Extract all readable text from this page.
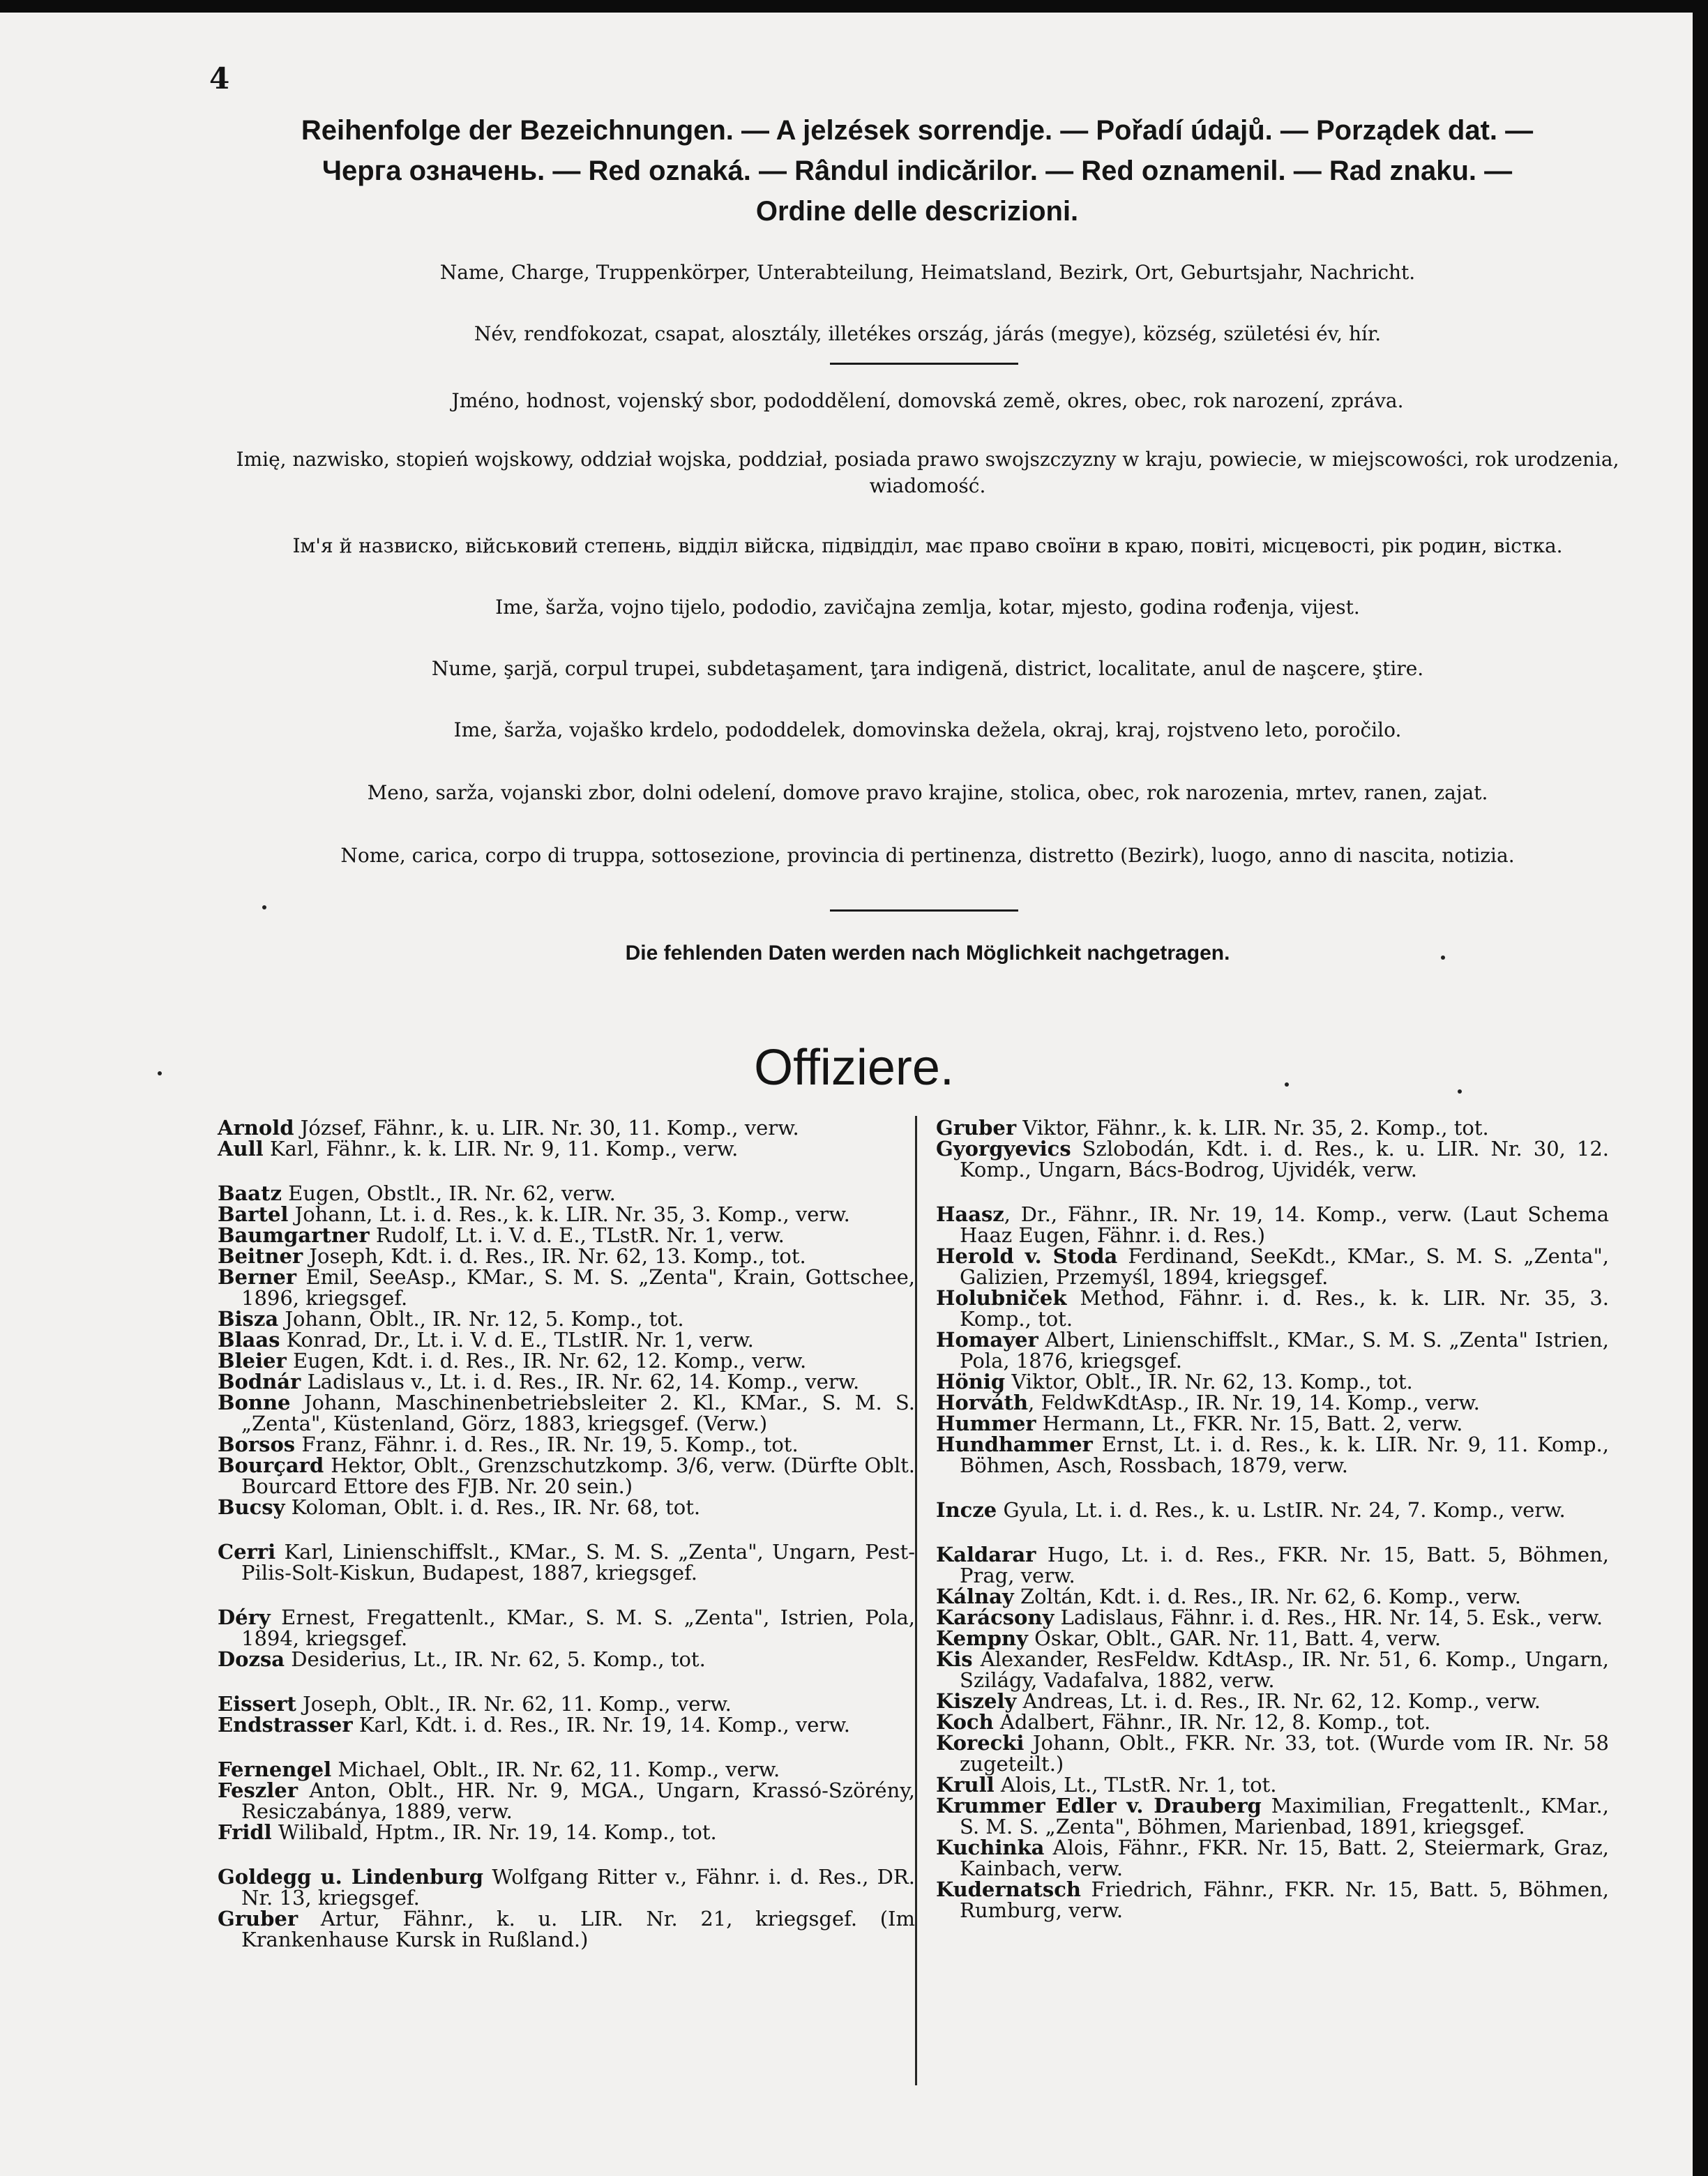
4
Reihenfolge der Bezeichnungen. — A jelzések sorrendje. — Pořadí údajů. — Porządek dat. —
Черга означень. — Red oznaká. — Rândul indicărilor. — Red oznamenil. — Rad znaku. —
Ordine delle descrizioni.
Name, Charge, Truppenkörper, Unterabteilung, Heimatsland, Bezirk, Ort, Geburtsjahr, Nachricht.
Név, rendfokozat, csapat, alosztály, illetékes ország, járás (megye), község, születési év, hír.
Jméno, hodnost, vojenský sbor, pododdělení, domovská země, okres, obec, rok narození, zpráva.
Imię, nazwisko, stopień wojskowy, oddział wojska, poddział, posiada prawo swojszczyzny w kraju, powiecie, w miejscowości, rok urodzenia, wiadomość.
Ім'я й назвиско, військовий степень, відділ війска, підвідділ, має право своїни в краю, повіті, місцевості, рік родин, вістка.
Ime, šarža, vojno tijelo, pododio, zavičajna zemlja, kotar, mjesto, godina rođenja, vijest.
Nume, şarjă, corpul trupei, subdetaşament, ţara indigenă, district, localitate, anul de naşcere, ştire.
Ime, šarža, vojaško krdelo, pododdelek, domovinska dežela, okraj, kraj, rojstveno leto, poročilo.
Meno, sarža, vojanski zbor, dolni odelení, domove pravo krajine, stolica, obec, rok narozenia, mrtev, ranen, zajat.
Nome, carica, corpo di truppa, sottosezione, provincia di pertinenza, distretto (Bezirk), luogo, anno di nascita, notizia.
Die fehlenden Daten werden nach Möglichkeit nachgetragen.
Offiziere.
Arnold József, Fähnr., k. u. LIR. Nr. 30, 11. Komp., verw.
Aull Karl, Fähnr., k. k. LIR. Nr. 9, 11. Komp., verw.
Baatz Eugen, Obstlt., IR. Nr. 62, verw.
Bartel Johann, Lt. i. d. Res., k. k. LIR. Nr. 35, 3. Komp., verw.
Baumgartner Rudolf, Lt. i. V. d. E., TLstR. Nr. 1, verw.
Beitner Joseph, Kdt. i. d. Res., IR. Nr. 62, 13. Komp., tot.
Berner Emil, SeeAsp., KMar., S. M. S. „Zenta", Krain, Gottschee, 1896, kriegsgef.
Bisza Johann, Oblt., IR. Nr. 12, 5. Komp., tot.
Blaas Konrad, Dr., Lt. i. V. d. E., TLstIR. Nr. 1, verw.
Bleier Eugen, Kdt. i. d. Res., IR. Nr. 62, 12. Komp., verw.
Bodnár Ladislaus v., Lt. i. d. Res., IR. Nr. 62, 14. Komp., verw.
Bonne Johann, Maschinenbetriebsleiter 2. Kl., KMar., S. M. S. „Zenta", Küstenland, Görz, 1883, kriegsgef. (Verw.)
Borsos Franz, Fähnr. i. d. Res., IR. Nr. 19, 5. Komp., tot.
Bourçard Hektor, Oblt., Grenzschutzkomp. 3/6, verw. (Dürfte Oblt. Bourcard Ettore des FJB. Nr. 20 sein.)
Bucsy Koloman, Oblt. i. d. Res., IR. Nr. 68, tot.
Cerri Karl, Linienschiffslt., KMar., S. M. S. „Zenta", Ungarn, Pest-Pilis-Solt-Kiskun, Budapest, 1887, kriegsgef.
Déry Ernest, Fregattenlt., KMar., S. M. S. „Zenta", Istrien, Pola, 1894, kriegsgef.
Dozsa Desiderius, Lt., IR. Nr. 62, 5. Komp., tot.
Eissert Joseph, Oblt., IR. Nr. 62, 11. Komp., verw.
Endstrasser Karl, Kdt. i. d. Res., IR. Nr. 19, 14. Komp., verw.
Fernengel Michael, Oblt., IR. Nr. 62, 11. Komp., verw.
Feszler Anton, Oblt., HR. Nr. 9, MGA., Ungarn, Krassó-Szörény, Resiczabánya, 1889, verw.
Fridl Wilibald, Hptm., IR. Nr. 19, 14. Komp., tot.
Goldegg u. Lindenburg Wolfgang Ritter v., Fähnr. i. d. Res., DR. Nr. 13, kriegsgef.
Gruber Artur, Fähnr., k. u. LIR. Nr. 21, kriegsgef. (Im Krankenhause Kursk in Rußland.)
Gruber Viktor, Fähnr., k. k. LIR. Nr. 35, 2. Komp., tot.
Gyorgyevics Szlobodán, Kdt. i. d. Res., k. u. LIR. Nr. 30, 12. Komp., Ungarn, Bács-Bodrog, Ujvidék, verw.
Haasz, Dr., Fähnr., IR. Nr. 19, 14. Komp., verw. (Laut Schema Haaz Eugen, Fähnr. i. d. Res.)
Herold v. Stoda Ferdinand, SeeKdt., KMar., S. M. S. „Zenta", Galizien, Przemyśl, 1894, kriegsgef.
Holubniček Method, Fähnr. i. d. Res., k. k. LIR. Nr. 35, 3. Komp., tot.
Homayer Albert, Linienschiffslt., KMar., S. M. S. „Zenta" Istrien, Pola, 1876, kriegsgef.
Hönig Viktor, Oblt., IR. Nr. 62, 13. Komp., tot.
Horváth, FeldwKdtAsp., IR. Nr. 19, 14. Komp., verw.
Hummer Hermann, Lt., FKR. Nr. 15, Batt. 2, verw.
Hundhammer Ernst, Lt. i. d. Res., k. k. LIR. Nr. 9, 11. Komp., Böhmen, Asch, Rossbach, 1879, verw.
Incze Gyula, Lt. i. d. Res., k. u. LstIR. Nr. 24, 7. Komp., verw.
Kaldarar Hugo, Lt. i. d. Res., FKR. Nr. 15, Batt. 5, Böhmen, Prag, verw.
Kálnay Zoltán, Kdt. i. d. Res., IR. Nr. 62, 6. Komp., verw.
Karácsony Ladislaus, Fähnr. i. d. Res., HR. Nr. 14, 5. Esk., verw.
Kempny Oskar, Oblt., GAR. Nr. 11, Batt. 4, verw.
Kis Alexander, ResFeldw. KdtAsp., IR. Nr. 51, 6. Komp., Ungarn, Szilágy, Vadafalva, 1882, verw.
Kiszely Andreas, Lt. i. d. Res., IR. Nr. 62, 12. Komp., verw.
Koch Adalbert, Fähnr., IR. Nr. 12, 8. Komp., tot.
Korecki Johann, Oblt., FKR. Nr. 33, tot. (Wurde vom IR. Nr. 58 zugeteilt.)
Krull Alois, Lt., TLstR. Nr. 1, tot.
Krummer Edler v. Drauberg Maximilian, Fregattenlt., KMar., S. M. S. „Zenta", Böhmen, Marienbad, 1891, kriegsgef.
Kuchinka Alois, Fähnr., FKR. Nr. 15, Batt. 2, Steiermark, Graz, Kainbach, verw.
Kudernatsch Friedrich, Fähnr., FKR. Nr. 15, Batt. 5, Böhmen, Rumburg, verw.
